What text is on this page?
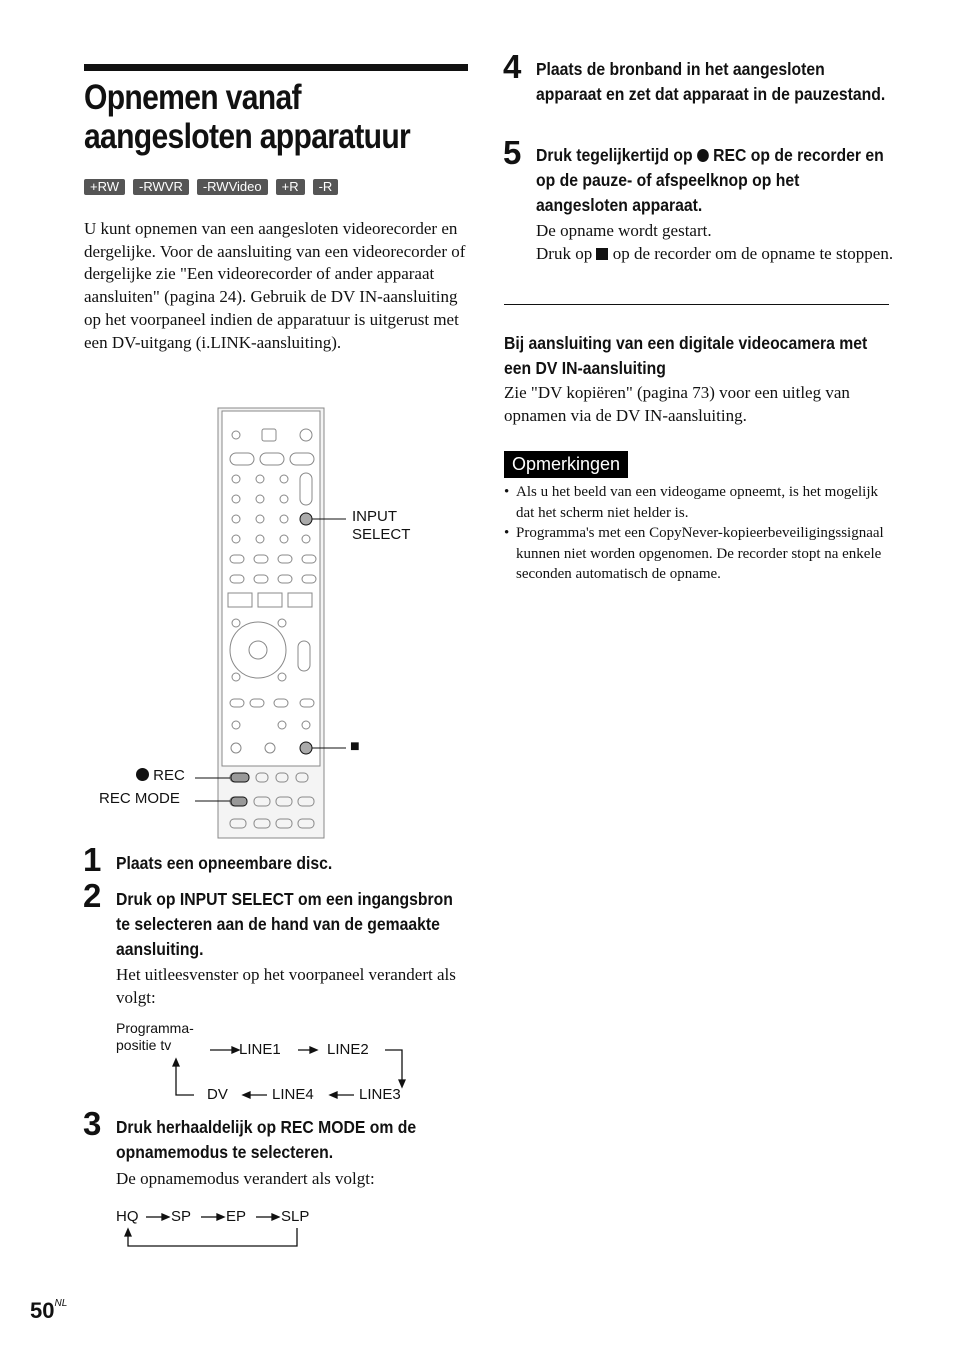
Opnemen vanaf aangesloten apparatuur
+RW	-RWVR	-RWVideo	+R	-R
U kunt opnemen van een aangesloten videorecorder en dergelijke. Voor de aansluiting van een videorecorder of dergelijke zie "Een videorecorder of ander apparaat aansluiten" (pagina 24). Gebruik de DV IN-aansluiting op het voorpaneel indien de apparatuur is uitgerust met een DV-uitgang (i.LINK-aansluiting).
INPUT
SELECT
■
REC
REC MODE
1 Plaats een opneembare disc.
2 Druk op INPUT SELECT om een ingangsbron te selecteren aan de hand van de gemaakte aansluiting.
Het uitleesvenster op het voorpaneel verandert als volgt:
Programma-
positie tv	LINE1	LINE2
LINE3
LINE4
DV
3 Druk herhaaldelijk op REC MODE om de opnamemodus te selecteren.
De opnamemodus verandert als volgt:
HQ SP EP SLP
$50^{NL}$
4 Plaats de bronband in het aangesloten apparaat en zet dat apparaat in de pauzestand.
5 Druk tegelijkertijd op REC op de recorder en op de pauze- of afspeelknop op het aangesloten apparaat.
De opname wordt gestart.
Druk op op de recorder om de opname te stoppen.
Bij aansluiting van een digitale videocamera met een DV IN-aansluiting
Zie "DV kopiëren" (pagina 73) voor een uitleg van opnamen via de DV IN-aansluiting.
Opmerkingen
• Als u het beeld van een videogame opneemt, is het mogelijk dat het scherm niet helder is.
• Programma's met een CopyNever-kopieerbeveiligingssignaal kunnen niet worden opgenomen. De recorder stopt na enkele seconden automatisch de opname.
